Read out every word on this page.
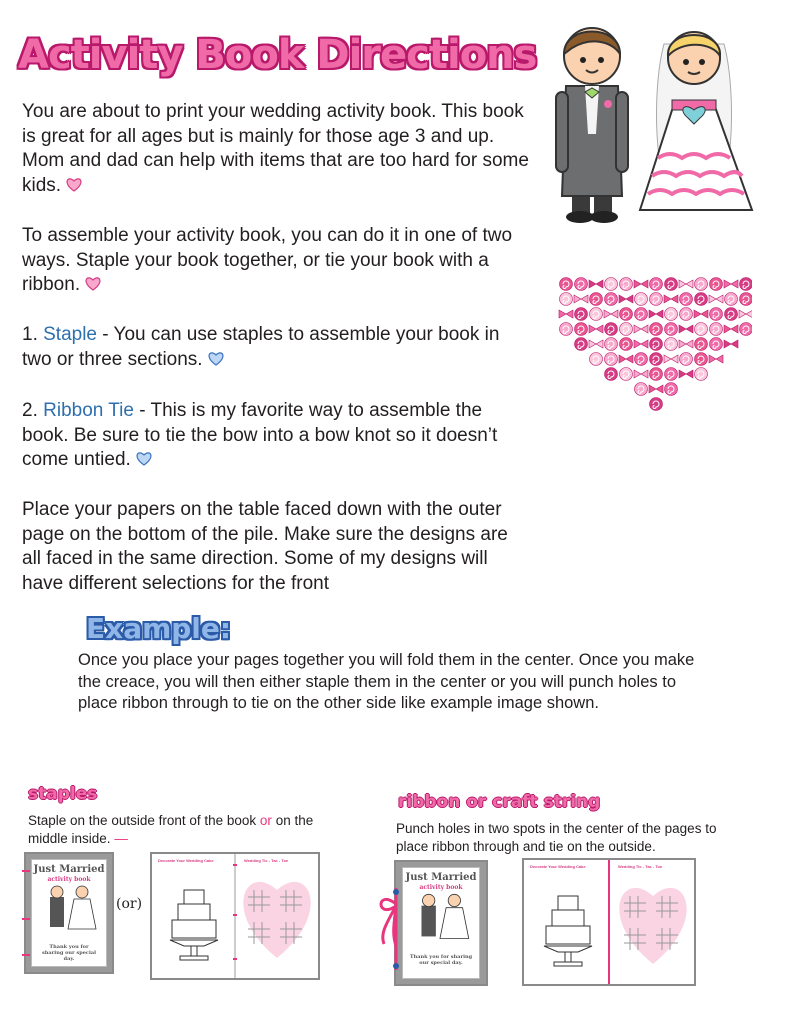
Activity Book Directions
You are about to print your wedding activity book. This book is great for all ages but is mainly for those age 3 and up. Mom and dad can help with items that are too hard for some kids.
To assemble your activity book, you can do it in one of two ways. Staple your book together, or tie your book with a ribbon.
1. Staple - You can use staples to assemble your book in two or three sections.
2. Ribbon Tie - This is my favorite way to assemble the book. Be sure to tie the bow into a bow knot so it doesn’t come untied.
Place your papers on the table faced down with the outer page on the bottom of the pile. Make sure the designs are all faced in the same direction. Some of my designs will have different selections for the front
Example:
Once you place your pages together you will fold them in the center. Once you make the creace, you will then either staple them in the center or you will punch holes to place ribbon through to tie on the other side like example image shown.
staples
Staple on the outside front of the book or on the middle inside. —
Just Married
activity book
Thank you for sharing our special day.
(or)
Decorate Your Wedding Cake	Wedding Tic - Tac - Toe
ribbon or craft string
Punch holes in two spots in the center of the pages to place ribbon through and tie on the outside.
Just Married
activity book
Thank you for sharing our special day.
Decorate Your Wedding Cake	Wedding Tic - Tac - Toe
